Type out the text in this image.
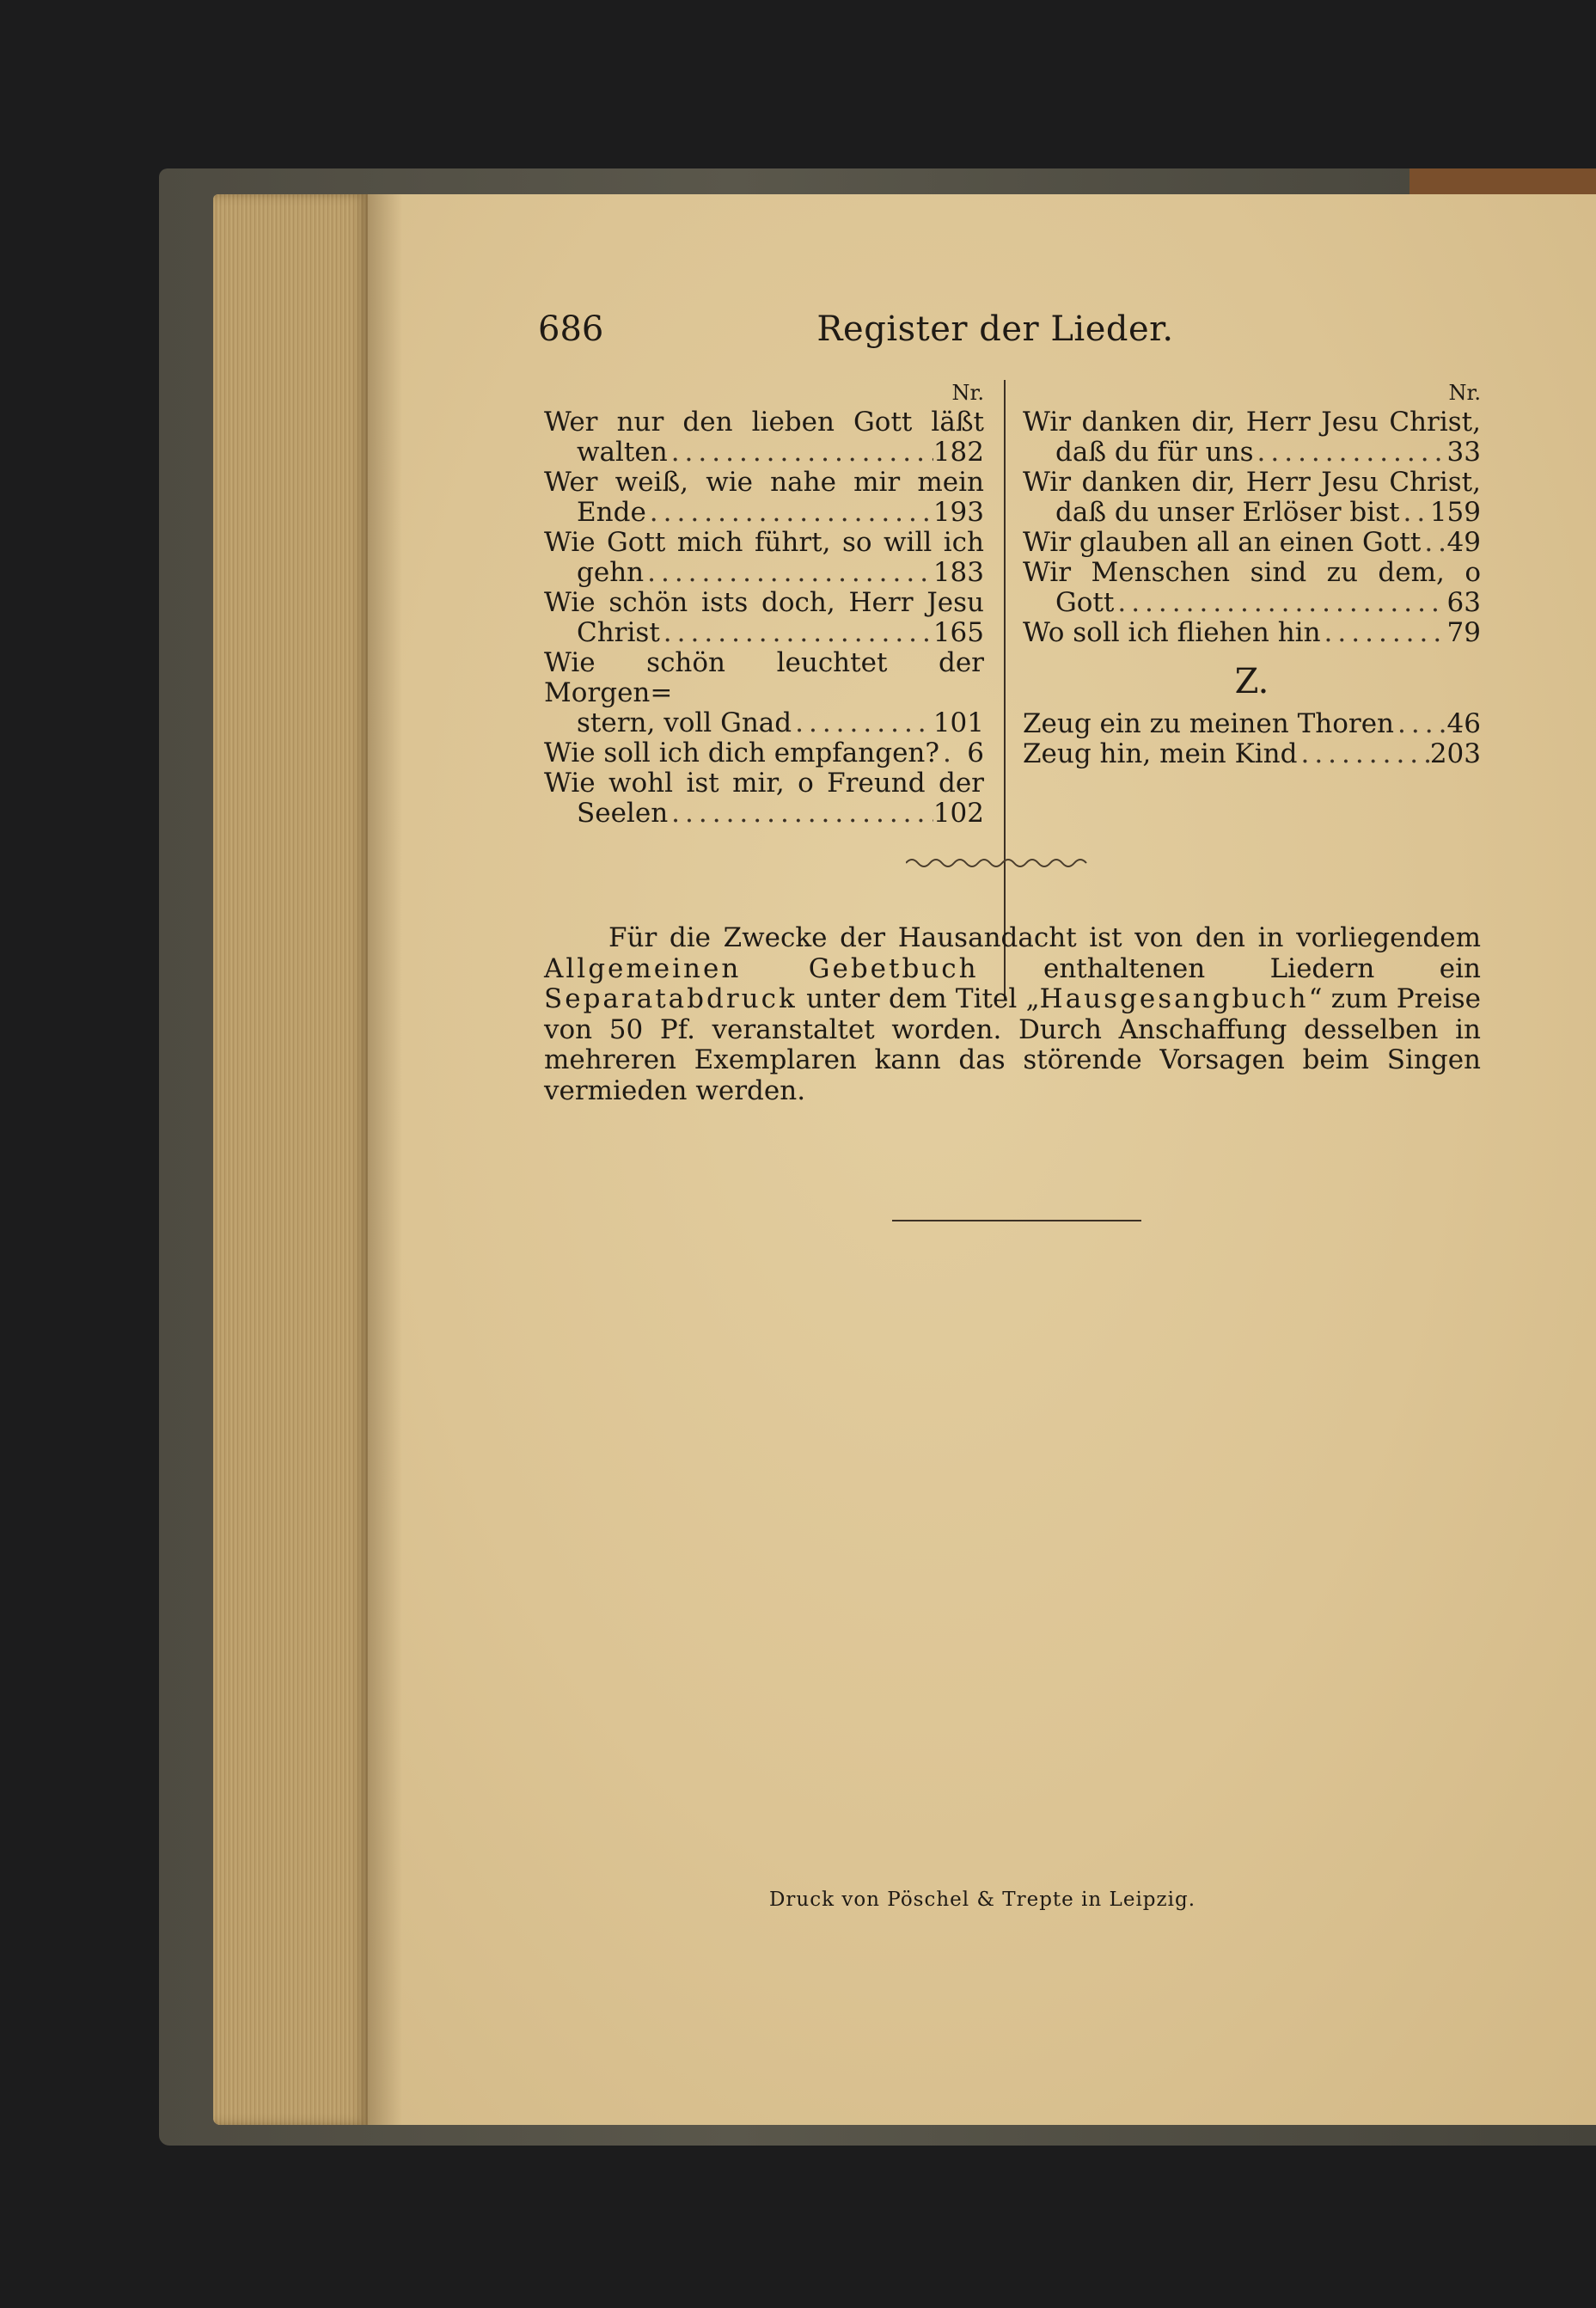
686	Register der Lieder.
Nr.
Wer nur den lieben Gott läßt
walten .....	182
Wer weiß, wie nahe mir mein
Ende .....	193
Wie Gott mich führt, so will ich
gehn .....	183
Wie schön ists doch, Herr Jesu
Christ .....	165
Wie schön leuchtet der Morgen=
stern, voll Gnad .....	101
Wie soll ich dich empfangen? .....	6
Wie wohl ist mir, o Freund der
Seelen .....	102
Nr.
Wir danken dir, Herr Jesu Christ,
daß du für uns .....	33
Wir danken dir, Herr Jesu Christ,
daß du unser Erlöser bist ..... 159
Wir glauben all an einen Gott ..... 49
Wir Menschen sind zu dem, o
Gott .....	63
Wo soll ich fliehen hin .....	79
Z.
Zeug ein zu meinen Thoren ..... 46
Zeug hin, mein Kind .....	203
Für die Zwecke der Hausandacht ist von den in vorliegendem Allgemeinen Gebetbuch enthaltenen Liedern ein Separatabdruck unter dem Titel „Hausgesangbuch“ zum Preise von 50 Pf. veranstaltet worden. Durch Anschaffung desselben in mehreren Exemplaren kann das störende Vorsagen beim Singen vermieden werden.
Druck von Pöschel & Trepte in Leipzig.
